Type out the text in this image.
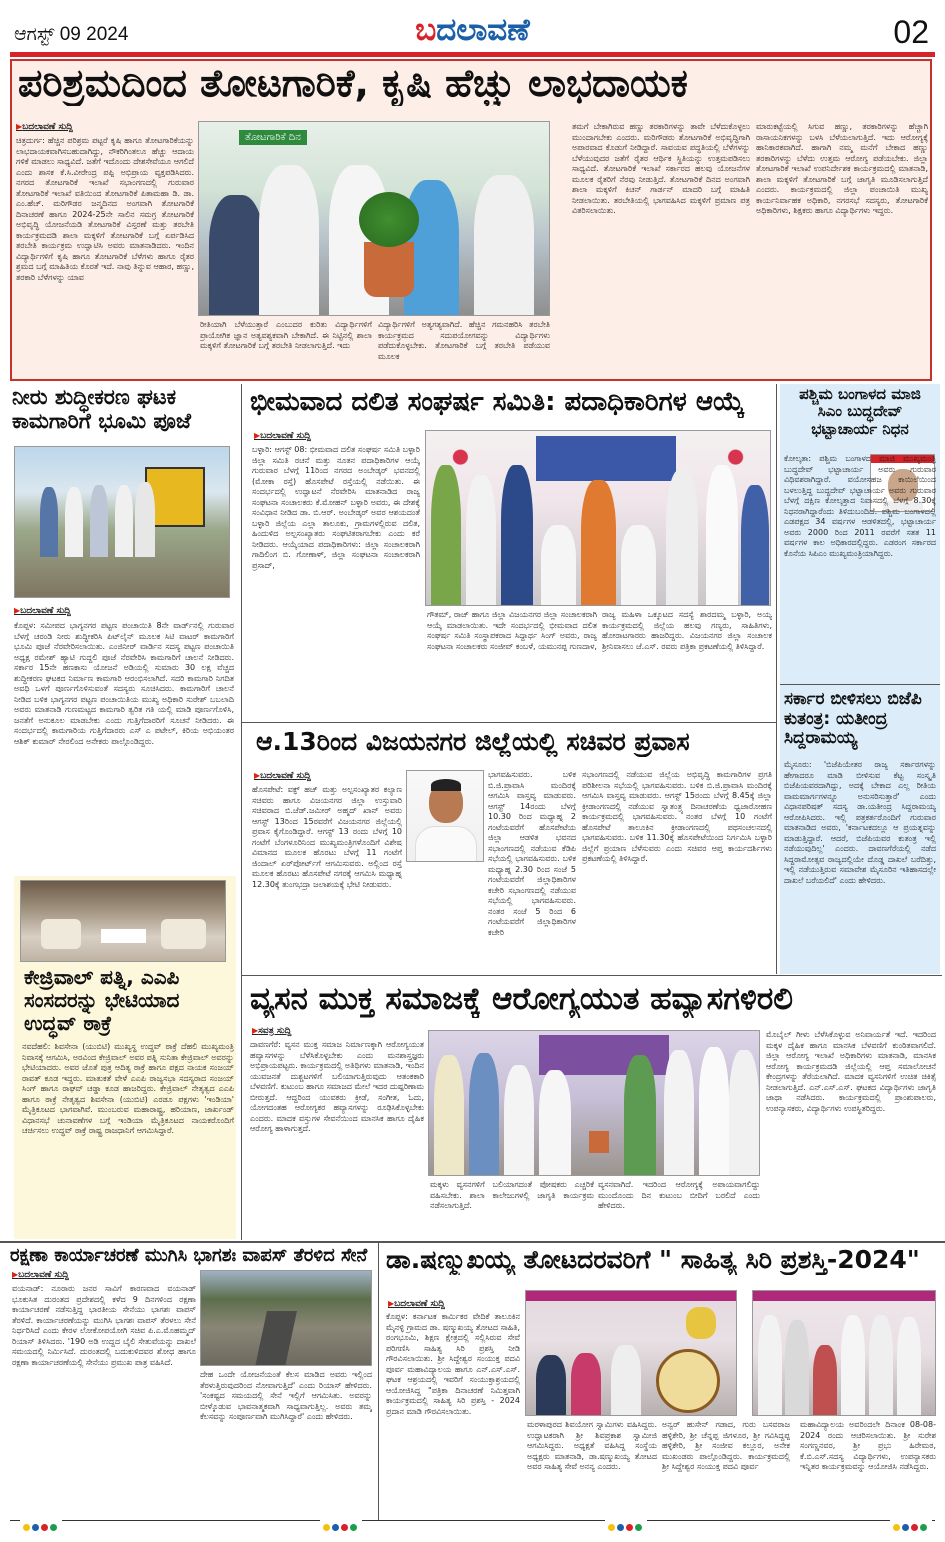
ಆಗಸ್ಟ್ 09 2024	ಬದಲಾವಣೆ	02
ಪರಿಶ್ರಮದಿಂದ ತೋಟಗಾರಿಕೆ, ಕೃಷಿ ಹೆಚ್ಚು ಲಾಭದಾಯಕ
▶ ಬದಲಾವಣೆ ಸುದ್ದಿ
ಚಿತ್ರದುರ್ಗ: ಹೆಚ್ಚಿನ ಪರಿಶ್ರಮ ಪಟ್ಟರೆ ಕೃಷಿ ಹಾಗೂ ತೋಟಗಾರಿಕೆಯನ್ನು ಲಾಭದಾಯಕವಾಗಿಸಬಹುದಾಗಿದ್ದು, ನೌಕರಿಗಿಂತಲೂ ಹೆಚ್ಚು ಆದಾಯ ಗಳಿಕೆ ಮಾಡಲು ಸಾಧ್ಯವಿದೆ. ಜತೆಗೆ ಇದೊಂದು ದೇಶಸೇವೆಯೂ ಆಗಲಿದೆ ಎಂದು ಶಾಸಕ ಕೆ.ಸಿ.ವೀರೇಂದ್ರ ಪಪ್ಪಿ ಅಭಿಪ್ರಾಯ ವ್ಯಕ್ತಪಡಿಸಿದರು. ನಗರದ ತೋಟಗಾರಿಕೆ ಇಲಾಖೆ ಸಭಾಂಗಣದಲ್ಲಿ ಗುರುವಾರ ತೋಟಗಾರಿಕೆ ಇಲಾಖೆ ವತಿಯಿಂದ ತೋಟಗಾರಿಕೆ ಪಿತಾಮಹಾ ಡಿ. ಡಾ. ಎಂ.ಹೆಚ್. ಮರಿಗೌಡರ ಜನ್ಮದಿನದ ಅಂಗವಾಗಿ ತೋಟಗಾರಿಕೆ ದಿನಾಚರಣೆ ಹಾಗೂ 2024-25ನೇ ಸಾಲಿನ ಸಮಗ್ರ ತೋಟಗಾರಿಕೆ ಅಭಿವೃದ್ಧಿ ಯೋಜನೆಯಡಿ ತೋಟಗಾರಿಕೆ ವಿಸ್ತರಣೆ ಮತ್ತು ತರಬೇತಿ ಕಾರ್ಯಕ್ರಮದಡಿ ಶಾಲಾ ಮಕ್ಕಳಿಗೆ ತೋಟಗಾರಿಕೆ ಬಗ್ಗೆ ಏರ್ಪಡಿಸಿದ ತರಬೇತಿ ಕಾರ್ಯಕ್ರಮ ಉದ್ಘಾಟಿಸಿ ಅವರು ಮಾತನಾಡಿದರು. ಇಂದಿನ ವಿದ್ಯಾರ್ಥಿಗಳಿಗೆ ಕೃಷಿ ಹಾಗೂ ತೋಟಗಾರಿಕೆ ಬೆಳೆಗಳು ಹಾಗೂ ರೈತರ ಶ್ರಮದ ಬಗ್ಗೆ ಮಾಹಿತಿಯ ಕೊರತೆ ಇದೆ. ನಾವು ತಿನ್ನುವ ಆಹಾರ, ಹಣ್ಣು, ತರಕಾರಿ ಬೆಳೆಗಳನ್ನು ಯಾವ
ತೋಟಗಾರಿಕೆ ದಿನ
ರೀತಿಯಾಗಿ ಬೆಳೆಯುತ್ತಾರೆ ಎಂಬುದರ ಕುರಿತು ವಿದ್ಯಾರ್ಥಿಗಳಿಗೆ ಪ್ರಾಯೋಗಿಕ ಜ್ಞಾನ ಅತ್ಯವಶ್ಯಕವಾಗಿ ಬೇಕಾಗಿದೆ. ಈ ನಿಟ್ಟಿನಲ್ಲಿ ಶಾಲಾ ಮಕ್ಕಳಿಗೆ ತೋಟಗಾರಿಕೆ ಬಗ್ಗೆ ತರಬೇತಿ ನೀಡಲಾಗುತ್ತಿದೆ. ಇದು
ವಿದ್ಯಾರ್ಥಿಗಳಿಗೆ ಅತ್ಯಗತ್ಯವಾಗಿದೆ. ಹೆಚ್ಚಿನ ಗಮನಹರಿಸಿ ತರಬೇತಿ ಕಾರ್ಯಕ್ರಮದ ಸದುಪಯೋಗವನ್ನು ವಿದ್ಯಾರ್ಥಿಗಳು ಪಡೆದುಕೊಳ್ಳಬೇಕು. ತೋಟಗಾರಿಕೆ ಬಗ್ಗೆ ತರಬೇತಿ ಪಡೆಯುವ ಮೂಲಕ
ತಮಗೆ ಬೇಕಾಗಿರುವ ಹಣ್ಣು ತರಕಾರಿಗಳನ್ನು ತಾವೇ ಬೆಳೆದುಕೊಳ್ಳಲು ಮುಂದಾಗಬೇಕು ಎಂದರು. ಮರಿಗೌಡರು ತೋಟಗಾರಿಕೆ ಅಭಿವೃದ್ಧಿಗಾಗಿ ಅಪಾರವಾದ ಕೊಡುಗೆ ನೀಡಿದ್ದಾರೆ. ಸಾವಯವ ಪದ್ಧತಿಯಲ್ಲಿ ಬೆಳೆಗಳನ್ನು ಬೆಳೆಯುವುದರ ಜತೆಗೆ ರೈತರ ಆರ್ಥಿಕ ಸ್ಥಿತಿಯನ್ನು ಉತ್ತಮಪಡಿಸಲು ಸಾಧ್ಯವಿದೆ. ತೋಟಗಾರಿಕೆ ಇಲಾಖೆ ಸರ್ಕಾರದ ಹಲವು ಯೋಜನೆಗಳ ಮೂಲಕ ರೈತರಿಗೆ ನೆರವು ನೀಡುತ್ತಿದೆ. ತೋಟಗಾರಿಕೆ ದಿನದ ಅಂಗವಾಗಿ ಶಾಲಾ ಮಕ್ಕಳಿಗೆ ಕಿಚನ್ ಗಾರ್ಡನ್ ಮಾದರಿ ಬಗ್ಗೆ ಮಾಹಿತಿ ನೀಡಲಾಯಿತು. ತರಬೇತಿಯಲ್ಲಿ ಭಾಗವಹಿಸಿದ ಮಕ್ಕಳಿಗೆ ಪ್ರಮಾಣ ಪತ್ರ ವಿತರಿಸಲಾಯಿತು.
ಮಾರುಕಟ್ಟೆಯಲ್ಲಿ ಸಿಗುವ ಹಣ್ಣು, ತರಕಾರಿಗಳನ್ನು ಹೆಚ್ಚಾಗಿ ರಾಸಾಯನಿಕಗಳನ್ನು ಬಳಸಿ ಬೆಳೆಯಲಾಗುತ್ತಿದೆ. ಇದು ಆರೋಗ್ಯಕ್ಕೆ ಹಾನಿಕಾರಕವಾಗಿದೆ. ಹಾಗಾಗಿ ನಮ್ಮ ಮನೆಗೆ ಬೇಕಾದ ಹಣ್ಣು ತರಕಾರಿಗಳನ್ನು ಬೆಳೆದು ಉತ್ತಮ ಆರೋಗ್ಯ ಪಡೆಯಬೇಕು. ಜಿಲ್ಲಾ ತೋಟಗಾರಿಕೆ ಇಲಾಖೆ ಉಪನಿರ್ದೇಶಕ ಕಾರ್ಯಕ್ರಮದಲ್ಲಿ ಮಾತನಾಡಿ, ಶಾಲಾ ಮಕ್ಕಳಿಗೆ ತೋಟಗಾರಿಕೆ ಬಗ್ಗೆ ಜಾಗೃತಿ ಮೂಡಿಸಲಾಗುತ್ತಿದೆ ಎಂದರು. ಕಾರ್ಯಕ್ರಮದಲ್ಲಿ ಜಿಲ್ಲಾ ಪಂಚಾಯಿತಿ ಮುಖ್ಯ ಕಾರ್ಯನಿರ್ವಾಹಕ ಅಧಿಕಾರಿ, ನಗರಸಭೆ ಸದಸ್ಯರು, ತೋಟಗಾರಿಕೆ ಅಧಿಕಾರಿಗಳು, ಶಿಕ್ಷಕರು ಹಾಗೂ ವಿದ್ಯಾರ್ಥಿಗಳು ಇದ್ದರು.
ನೀರು ಶುದ್ಧೀಕರಣ ಘಟಕ ಕಾಮಗಾರಿಗೆ ಭೂಮಿ ಪೂಜೆ
▶ ಬದಲಾವಣೆ ಸುದ್ದಿ
ಕೊಪ್ಪಳ: ಸಮೀಪದ ಭಾಗ್ಯನಗರ ಪಟ್ಟಣ ಪಂಚಾಯಿತಿ 8ನೇ ವಾರ್ಡ್‌ನಲ್ಲಿ ಗುರುವಾರ ಬೆಳಗ್ಗೆ ಚರಂಡಿ ನೀರು ಶುದ್ಧೀಕರಿಸಿ ಪಿಟ್‌ಲೈನ್ ಮೂಲಕ ಸಿಟಿ ವಾಟರ್ ಕಾಮಗಾರಿಗೆ ಭೂಮಿ ಪೂಜೆ ನೆರವೇರಿಸಲಾಯಿತು. ಎಂಜಿನೀರ್ ವಾರ್ಡಿನ ಸದಸ್ಯ ಪಟ್ಟಣ ಪಂಚಾಯಿತಿ ಅಧ್ಯಕ್ಷ ರಮೇಶ್ ಹ್ಯಾಟಿ ಗುದ್ದಲಿ ಪೂಜೆ ನೆರವೇರಿಸಿ ಕಾಮಗಾರಿಗೆ ಚಾಲನೆ ನೀಡಿದರು. ಸರ್ಕಾರ 15ನೇ ಹಣಕಾಸು ಯೋಜನೆ ಅಡಿಯಲ್ಲಿ ಸುಮಾರು 30 ಲಕ್ಷ ವೆಚ್ಚದ ಶುದ್ಧೀಕರಣ ಘಟಕದ ನಿರ್ಮಾಣ ಕಾಮಗಾರಿ ಆರಂಭಿಸಲಾಗಿದೆ. ಸದರಿ ಕಾಮಗಾರಿ ನಿಗದಿತ ಅವಧಿ ಒಳಗೆ ಪೂರ್ಣಗೊಳಿಸುವಂತೆ ಸದಸ್ಯರು ಸೂಚಿಸಿದರು. ಕಾಮಗಾರಿಗೆ ಚಾಲನೆ ನೀಡಿದ ಬಳಿಕ ಭಾಗ್ಯನಗರ ಪಟ್ಟಣ ಪಂಚಾಯಿತಿಯ ಮುಖ್ಯ ಅಧಿಕಾರಿ ಸುರೇಶ್ ಬಬಲಾದಿ ಅವರು ಮಾತನಾಡಿ ಗುಣಮಟ್ಟದ ಕಾಮಗಾರಿ ತ್ವರಿತ ಗತಿ ಯಲ್ಲಿ ಮಾಡಿ ಪೂರ್ಣಗೊಳಿಸಿ, ಜನತೆಗೆ ಅನುಕೂಲ ಮಾಡಬೇಕು ಎಂದು ಗುತ್ತಿಗೆದಾರರಿಗೆ ಸೂಚನೆ ನೀಡಿದರು. ಈ ಸಂದರ್ಭದಲ್ಲಿ ಕಾಮಗಾರಿಯ ಗುತ್ತಿಗೆದಾರರು ಎಸ್ ಎ ಪಟೇಲ್, ಕಿರಿಯ ಅಭಿಯಂತರ ಆಶಿಕ್ ಕುಮಾರ್ ನೇರಲಿಂದ ಅನೇಕರು ಪಾಲ್ಗೊಂಡಿದ್ದರು.
ಕೇಜ್ರಿವಾಲ್ ಪತ್ನಿ, ಎಎಪಿ ಸಂಸದರನ್ನು ಭೇಟಿಯಾದ ಉದ್ಧವ್ ಠಾಕ್ರೆ
ನವದೆಹಲಿ: ಶಿವಸೇನಾ (ಯುಬಿಟಿ) ಮುಖ್ಯಸ್ಥ ಉದ್ಧವ್ ಠಾಕ್ರೆ ದೆಹಲಿ ಮುಖ್ಯಮಂತ್ರಿ ನಿವಾಸಕ್ಕೆ ಆಗಮಿಸಿ, ಅರವಿಂದ ಕೇಜ್ರಿವಾಲ್ ಅವರ ಪತ್ನಿ ಸುನಿತಾ ಕೇಜ್ರಿವಾಲ್ ಅವರನ್ನು ಭೇಟಿಯಾದರು. ಅವರ ಜೊತೆ ಪುತ್ರ ಆದಿತ್ಯ ಠಾಕ್ರೆ ಹಾಗೂ ಪಕ್ಷದ ನಾಯಕ ಸಂಜಯ್ ರಾವತ್ ಕೂಡ ಇದ್ದರು. ಮಾತುಕತೆ ವೇಳೆ ಎಎಪಿ ರಾಜ್ಯಸಭಾ ಸದಸ್ಯರಾದ ಸಂಜಯ್ ಸಿಂಗ್ ಹಾಗೂ ರಾಘವ್ ಚಡ್ಡಾ ಕೂಡ ಹಾಜರಿದ್ದರು. ಕೇಜ್ರಿವಾಲ್ ನೇತೃತ್ವದ ಎಎಪಿ ಹಾಗೂ ಠಾಕ್ರೆ ನೇತೃತ್ವದ ಶಿವಸೇನಾ (ಯುಬಿಟಿ) ಎರಡೂ ಪಕ್ಷಗಳು 'ಇಂಡಿಯಾ' ಮೈತ್ರಿಕೂಟದ ಭಾಗವಾಗಿವೆ. ಮುಂಬರುವ ಮಹಾರಾಷ್ಟ್ರ, ಹರಿಯಾಣ, ಜಾರ್ಖಂಡ್ ವಿಧಾನಸಭೆ ಚುನಾವಣೆಗಳ ಬಗ್ಗೆ ಇಂಡಿಯಾ ಮೈತ್ರಿಕೂಟದ ನಾಯಕರೊಂದಿಗೆ ಚರ್ಚಿಸಲು ಉದ್ಧವ್ ಠಾಕ್ರೆ ರಾಷ್ಟ್ರ ರಾಜಧಾನಿಗೆ ಆಗಮಿಸಿದ್ದಾರೆ.
ಭೀಮವಾದ ದಲಿತ ಸಂಘರ್ಷ ಸಮಿತಿ: ಪದಾಧಿಕಾರಿಗಳ ಆಯ್ಕೆ
▶ ಬದಲಾವಣೆ ಸುದ್ದಿ
ಬಳ್ಳಾರಿ: ಆಗಸ್ಟ್ 08: ಭೀಮವಾದ ದಲಿತ ಸಂಘರ್ಷ ಸಮಿತಿ ಬಳ್ಳಾರಿ ಜಿಲ್ಲಾ ಸಮಿತಿ ರಚನೆ ಮತ್ತು ನೂತನ ಪದಾಧಿಕಾರಿಗಳ ಆಯ್ಕೆ ಗುರುವಾರ ಬೆಳಗ್ಗೆ 11ರಿಂದ ನಗರದ ಅಂಬೇಡ್ಕರ್ ಭವನದಲ್ಲಿ (ಮೋಕಾ ರಸ್ತೆ) ಹೊಸಪೇಟೆ ರಸ್ತೆಯಲ್ಲಿ ನಡೆಯಿತು. ಈ ಸಂದರ್ಭದಲ್ಲಿ ಉದ್ಘಾಟನೆ ನೆರವೇರಿಸಿ ಮಾತನಾಡಿದ ರಾಜ್ಯ ಸಂಘಟನಾ ಸಂಚಾಲಕರು ಕೆ.ಮೋಹನ್ ಬಳ್ಳಾರಿ ಅವರು, ಈ ದೇಶಕ್ಕೆ ಸಂವಿಧಾನ ನೀಡಿದ ಡಾ. ಬಿ.ಆರ್. ಅಂಬೇಡ್ಕರ್ ಅವರ ಆಶಯದಂತೆ ಬಳ್ಳಾರಿ ಜಿಲ್ಲೆಯ ಎಲ್ಲಾ ತಾಲೂಕು, ಗ್ರಾಮಗಳಲ್ಲಿರುವ ದಲಿತ, ಹಿಂದುಳಿದ ಅಲ್ಪಸಂಖ್ಯಾತರು ಸಂಘಟಿತರಾಗಬೇಕು ಎಂದು ಕರೆ ನೀಡಿದರು. ಆಯ್ಕೆಯಾದ ಪದಾಧಿಕಾರಿಗಳು: ಜಿಲ್ಲಾ ಸಂಚಾಲಕರಾಗಿ ಗಾದಿಲಿಂಗ ಬಿ. ಗೋಣಾಳ್, ಜಿಲ್ಲಾ ಸಂಘಟನಾ ಸಂಚಾಲಕರಾಗಿ ಪ್ರಸಾದ್,
ಗೌತಮ್, ರಾಜ್ ಹಾಗೂ ಜಿಲ್ಲಾ ವಿಜಯನಗರ ಜಿಲ್ಲಾ ಸಂಚಾಲಕರಾಗಿ ಆಯ್ಕೆ ಮಾಡಲಾಯಿತು. ಇದೇ ಸಂದರ್ಭದಲ್ಲಿ ಭೀಮವಾದ ದಲಿತ ಸಂಘರ್ಷ ಸಮಿತಿ ಸಂಸ್ಥಾಪಕರಾದ ಸಿದ್ದಾರ್ಥ ಸಿಂಗ್ ಅವರು, ರಾಜ್ಯ ಸಂಘಟನಾ ಸಂಚಾಲಕರು ಸಂಜೀವ್ ಕಂಬಳೆ, ಯಮುನಪ್ಪ ಗುಣದಾಳ,
ರಾಜ್ಯ ಮಹಿಳಾ ಒಕ್ಕೂಟದ ಸದಸ್ಯೆ ಶಾರದಮ್ಮ ಬಳ್ಳಾರಿ, ಅಯ್ಯ ಕಾರ್ಯಕ್ರಮದಲ್ಲಿ ಜಿಲ್ಲೆಯ ಹಲವು ಗಣ್ಯರು, ಸಾಹಿತಿಗಳು, ಹೋರಾಟಗಾರರು ಹಾಜರಿದ್ದರು. ವಿಜಯನಗರ ಜಿಲ್ಲಾ ಸಂಚಾಲಕ ಶ್ರೀನಿವಾಸಲು ಜೆ.ಎಸ್. ರವರು ಪತ್ರಿಕಾ ಪ್ರಕಟಣೆಯಲ್ಲಿ ತಿಳಿಸಿದ್ದಾರೆ.
ಆ.13ರಿಂದ ವಿಜಯನಗರ ಜಿಲ್ಲೆಯಲ್ಲಿ ಸಚಿವರ ಪ್ರವಾಸ
▶ ಬದಲಾವಣೆ ಸುದ್ದಿ
ಹೊಸಪೇಟೆ: ವಕ್ಫ್ ಹಜ್ ಮತ್ತು ಅಲ್ಪಸಂಖ್ಯಾತರ ಕಲ್ಯಾಣ ಸಚಿವರು ಹಾಗೂ ವಿಜಯನಗರ ಜಿಲ್ಲಾ ಉಸ್ತುವಾರಿ ಸಚಿವರಾದ ಬಿ.ಜೆಡ್.ಜಮೀರ್ ಅಹ್ಮದ್ ಖಾನ್ ಅವರು ಆಗಸ್ಟ್ 13ರಿಂದ 15ರವರೆಗೆ ವಿಜಯನಗರ ಜಿಲ್ಲೆಯಲ್ಲಿ ಪ್ರವಾಸ ಕೈಗೊಂಡಿದ್ದಾರೆ. ಆಗಸ್ಟ್ 13 ರಂದು ಬೆಳಗ್ಗೆ 10 ಗಂಟೆಗೆ ಬೆಂಗಳೂರಿನಿಂದ ಮುಖ್ಯಮಂತ್ರಿಗಳೊಂದಿಗೆ ವಿಶೇಷ ವಿಮಾನದ ಮೂಲಕ ಹೊರಟು ಬೆಳಗ್ಗೆ 11 ಗಂಟೆಗೆ ಜಿಂದಾಲ್ ಏರ್‌ಪೋರ್ಟ್‌ಗೆ ಆಗಮಿಸುವರು. ಅಲ್ಲಿಂದ ರಸ್ತೆ ಮೂಲಕ ಹೊರಟು ಹೊಸಪೇಟೆ ನಗರಕ್ಕೆ ಆಗಮಿಸಿ ಮಧ್ಯಾಹ್ನ 12.30ಕ್ಕೆ ತುಂಗಭದ್ರಾ ಜಲಾಶಯಕ್ಕೆ ಭೇಟಿ ನೀಡುವರು.
ಭಾಗವಹಿಸುವರು. ಬಳಿಕ ಬಿ.ಜಿ.ಪ್ರಾವಾಸಿ ಮಂದಿರಕ್ಕೆ ಆಗಮಿಸಿ ವಾಸ್ತವ್ಯ ಮಾಡುವರು. ಆಗಸ್ಟ್ 14ರಂದು ಬೆಳಗ್ಗೆ 10.30 ರಿಂದ ಮಧ್ಯಾಹ್ನ 2 ಗಂಟೆಯವರೆಗೆ ಹೊಸಪೇಟೆಯ ಜಿಲ್ಲಾ ಆಡಳಿತ ಭವನದ ಸಭಾಂಗಣದಲ್ಲಿ ನಡೆಯುವ ಕೆಡಿಪಿ ಸಭೆಯಲ್ಲಿ ಭಾಗವಹಿಸುವರು. ಬಳಿಕ ಮಧ್ಯಾಹ್ನ 2.30 ರಿಂದ ಸಂಜೆ 5 ಗಂಟೆಯವರೆಗೆ ಜಿಲ್ಲಾಧಿಕಾರಿಗಳ ಕಚೇರಿ ಸಭಾಂಗಣದಲ್ಲಿ ನಡೆಯುವ ಸಭೆಯಲ್ಲಿ ಭಾಗವಹಿಸುವರು. ನಂತರ ಸಂಜೆ 5 ರಿಂದ 6 ಗಂಟೆಯವರೆಗೆ ಜಿಲ್ಲಾಧಿಕಾರಿಗಳ ಕಚೇರಿ
ಸಭಾಂಗಣದಲ್ಲಿ ನಡೆಯುವ ಜಿಲ್ಲೆಯ ಅಭಿವೃದ್ಧಿ ಕಾಮಗಾರಿಗಳ ಪ್ರಗತಿ ಪರಿಶೀಲನಾ ಸಭೆಯಲ್ಲಿ ಭಾಗವಹಿಸುವರು. ಬಳಿಕ ಬಿ.ಜಿ.ಪ್ರಾವಾಸಿ ಮಂದಿರಕ್ಕೆ ಆಗಮಿಸಿ ವಾಸ್ತವ್ಯ ಮಾಡುವರು. ಆಗಸ್ಟ್ 15ರಂದು ಬೆಳಗ್ಗೆ 8.45ಕ್ಕೆ ಜಿಲ್ಲಾ ಕ್ರೀಡಾಂಗಣದಲ್ಲಿ ನಡೆಯುವ ಸ್ವಾತಂತ್ರ್ಯ ದಿನಾಚರಣೆಯ ಧ್ವಜಾರೋಹಣ ಕಾರ್ಯಕ್ರಮದಲ್ಲಿ ಭಾಗವಹಿಸುವರು. ನಂತರ ಬೆಳಗ್ಗೆ 10 ಗಂಟೆಗೆ ಹೊಸಪೇಟೆ ತಾಲೂಕಿನ ಕ್ರೀಡಾಂಗಣದಲ್ಲಿ ಪಥಸಂಚಲನದಲ್ಲಿ ಭಾಗವಹಿಸುವರು. ಬಳಿಕ 11.30ಕ್ಕೆ ಹೊಸಪೇಟೆಯಿಂದ ನಿರ್ಗಮಿಸಿ ಬಳ್ಳಾರಿ ಜಿಲ್ಲೆಗೆ ಪ್ರಯಾಣ ಬೆಳೆಸುವರು ಎಂದು ಸಚಿವರ ಆಪ್ತ ಕಾರ್ಯದರ್ಶಿಗಳು ಪ್ರಕಟಣೆಯಲ್ಲಿ ತಿಳಿಸಿದ್ದಾರೆ.
ಪಶ್ಚಿಮ ಬಂಗಾಳದ ಮಾಜಿ ಸಿಎಂ ಬುದ್ಧದೇವ್ ಭಟ್ಟಾಚಾರ್ಯ ನಿಧನ
ಕೋಲ್ಕತಾ: ಪಶ್ಚಿಮ ಬಂಗಾಳದ ಮಾಜಿ ಮುಖ್ಯಮಂತ್ರಿ ಬುದ್ಧದೇವ್ ಭಟ್ಟಾಚಾರ್ಯ ಅವರು ಗುರುವಾರ ವಿಧಿವಶರಾಗಿದ್ದಾರೆ. ವಯೋಸಹಜ ಕಾಯಿಲೆಯಿಂದ ಬಳಲುತ್ತಿದ್ದ ಬುದ್ಧದೇವ್ ಭಟ್ಟಾಚಾರ್ಯ ಅವರು ಗುರುವಾರ ಬೆಳಗ್ಗೆ ದಕ್ಷಿಣ ಕೋಲ್ಕತ್ತಾದ ನಿವಾಸದಲ್ಲಿ ಬೆಳಗ್ಗೆ 8.30ಕ್ಕೆ ನಿಧನರಾಗಿದ್ದಾರೆಂದು ತಿಳಿದುಬಂದಿದೆ. ಪಶ್ಚಿಮ ಬಂಗಾಳದಲ್ಲಿ ಎಡಪಕ್ಷದ 34 ವರ್ಷಗಳ ಆಡಳಿತದಲ್ಲಿ, ಭಟ್ಟಾಚಾರ್ಯ ಅವರು 2000 ರಿಂದ 2011 ರವರೆಗೆ ಸತತ 11 ವರ್ಷಗಳ ಕಾಲ ಅಧಿಕಾರದಲ್ಲಿದ್ದರು. ಎಡರಂಗ ಸರ್ಕಾರದ ಕೊನೆಯ ಸಿಪಿಎಂ ಮುಖ್ಯಮಂತ್ರಿಯಾಗಿದ್ದರು.
ಸರ್ಕಾರ ಬೀಳಿಸಲು ಬಿಜೆಪಿ ಕುತಂತ್ರ: ಯತೀಂದ್ರ ಸಿದ್ದರಾಮಯ್ಯ
ಮೈಸೂರು: 'ಬಿಜೆಪಿಯೇತರ ರಾಜ್ಯ ಸರ್ಕಾರಗಳನ್ನು ಹೇಗಾದರೂ ಮಾಡಿ ಬೀಳಿಸುವ ಕೆಟ್ಟ ಸಂಸ್ಕೃತಿ ಬಿಜೆಪಿಯವರದಾಗಿದ್ದು, ಅದಕ್ಕೆ ಬೇಕಾದ ಎಲ್ಲ ರೀತಿಯ ವಾಮಮಾರ್ಗಗಳನ್ನೂ ಅನುಸರಿಸುತ್ತಾರೆ' ಎಂದು ವಿಧಾನಪರಿಷತ್ ಸದಸ್ಯ ಡಾ.ಯತೀಂದ್ರ ಸಿದ್ದರಾಮಯ್ಯ ಆರೋಪಿಸಿದರು. ಇಲ್ಲಿ ಪತ್ರಕರ್ತರೊಂದಿಗೆ ಗುರುವಾರ ಮಾತನಾಡಿದ ಅವರು, 'ಕರ್ನಾಟಕದಲ್ಲೂ ಆ ಪ್ರಯತ್ನವನ್ನು ಮಾಡುತ್ತಿದ್ದಾರೆ. ಆದರೆ, ಬಿಜೆಪಿಯವರ ಕುತಂತ್ರ ಇಲ್ಲಿ ನಡೆಯುವುದಿಲ್ಲ' ಎಂದರು. ದಾವಣಗೆರೆಯಲ್ಲಿ ನಡೆದ ಸಿದ್ದರಾಮೋತ್ಸವ ರಾಜ್ಯದಲ್ಲಿಯೇ ದೊಡ್ಡ ದಾಖಲೆ ಬರೆದಿತ್ತು, ಇಲ್ಲಿ ನಡೆಯುತ್ತಿರುವ ಸಮಾವೇಶ ಮೈಸೂರಿನ ಇತಿಹಾಸದಲ್ಲೇ ದಾಖಲೆ ಬರೆಯಲಿದೆ' ಎಂದು ಹೇಳಿದರು.
ವ್ಯಸನ ಮುಕ್ತ ಸಮಾಜಕ್ಕೆ ಆರೋಗ್ಯಯುತ ಹವ್ಯಾಸಗಳಿರಲಿ
▶ ಸವತ್ರ ಸುದ್ದಿ
ದಾವಣಗೆರೆ: ವ್ಯಸನ ಮುಕ್ತ ಸಮಾಜ ನಿರ್ಮಾಣಕ್ಕಾಗಿ ಆರೋಗ್ಯಯುತ ಹವ್ಯಾಸಗಳನ್ನು ಬೆಳೆಸಿಕೊಳ್ಳಬೇಕು ಎಂದು ಮನಶಾಸ್ತ್ರಜ್ಞರು ಅಭಿಪ್ರಾಯಪಟ್ಟರು. ಕಾರ್ಯಕ್ರಮದಲ್ಲಿ ಅತಿಥಿಗಳು ಮಾತನಾಡಿ, ಇಂದಿನ ಯುವಜನತೆ ದುಶ್ಚಟಗಳಿಗೆ ಬಲಿಯಾಗುತ್ತಿರುವುದು ಆತಂಕಕಾರಿ ಬೆಳವಣಿಗೆ. ಕುಟುಂಬ ಹಾಗೂ ಸಮಾಜದ ಮೇಲೆ ಇದರ ದುಷ್ಪರಿಣಾಮ ಬೀರುತ್ತದೆ. ಆದ್ದರಿಂದ ಯುವಕರು ಕ್ರೀಡೆ, ಸಂಗೀತ, ಓದು, ಯೋಗದಂತಹ ಆರೋಗ್ಯಕರ ಹವ್ಯಾಸಗಳನ್ನು ರೂಢಿಸಿಕೊಳ್ಳಬೇಕು ಎಂದರು. ಮಾದಕ ವಸ್ತುಗಳ ಸೇವನೆಯಿಂದ ಮಾನಸಿಕ ಹಾಗೂ ದೈಹಿಕ ಆರೋಗ್ಯ ಹಾಳಾಗುತ್ತದೆ.
ಮಕ್ಕಳು ವ್ಯಸನಗಳಿಗೆ ಬಲಿಯಾಗದಂತೆ ಪೋಷಕರು ಎಚ್ಚರಿಕೆ ವಹಿಸಬೇಕು. ಶಾಲಾ ಕಾಲೇಜುಗಳಲ್ಲಿ ಜಾಗೃತಿ ಕಾರ್ಯಕ್ರಮ ನಡೆಸಲಾಗುತ್ತಿದೆ.
ವ್ಯಸನವಾಗಿದೆ. ಇದರಿಂದ ಆರೋಗ್ಯಕ್ಕೆ ಅಪಾಯವಾಗಲಿದ್ದು ಮುಂದೊಂದು ದಿನ ಕುಟುಂಬ ಬೀದಿಗೆ ಬರಲಿದೆ ಎಂದು ಹೇಳಿದರು.
ಮೊಬೈಲ್ ಗೀಳು ಬೆಳೆಸಿಕೊಳ್ಳುವ ಅನಿವಾರ್ಯತೆ ಇದೆ. ಇದರಿಂದ ಮಕ್ಕಳ ದೈಹಿಕ ಹಾಗೂ ಮಾನಸಿಕ ಬೆಳವಣಿಗೆ ಕುಂಠಿತವಾಗಲಿದೆ. ಜಿಲ್ಲಾ ಆರೋಗ್ಯ ಇಲಾಖೆ ಅಧಿಕಾರಿಗಳು ಮಾತನಾಡಿ, ಮಾನಸಿಕ ಆರೋಗ್ಯ ಕಾರ್ಯಕ್ರಮದಡಿ ಜಿಲ್ಲೆಯಲ್ಲಿ ಆಪ್ತ ಸಮಾಲೋಚನೆ ಕೇಂದ್ರಗಳನ್ನು ತೆರೆಯಲಾಗಿದೆ. ಮಾದಕ ವ್ಯಸನಿಗಳಿಗೆ ಉಚಿತ ಚಿಕಿತ್ಸೆ ನೀಡಲಾಗುತ್ತಿದೆ. ಎನ್.ಎಸ್.ಎಸ್. ಘಟಕದ ವಿದ್ಯಾರ್ಥಿಗಳು ಜಾಗೃತಿ ಜಾಥಾ ನಡೆಸಿದರು. ಕಾರ್ಯಕ್ರಮದಲ್ಲಿ ಪ್ರಾಂಶುಪಾಲರು, ಉಪನ್ಯಾಸಕರು, ವಿದ್ಯಾರ್ಥಿಗಳು ಉಪಸ್ಥಿತರಿದ್ದರು.
ರಕ್ಷಣಾ ಕಾರ್ಯಾಚರಣೆ ಮುಗಿಸಿ ಭಾಗಶಃ ವಾಪಸ್ ತೆರಳಿದ ಸೇನೆ
▶ ಬದಲಾವಣೆ ಸುದ್ದಿ
ವಯನಾಡ್: ನೂರಾರು ಜನರ ಸಾವಿಗೆ ಕಾರಣವಾದ ವಯನಾಡ್ ಭೂಕುಸಿತ ದುರಂತದ ಪ್ರದೇಶದಲ್ಲಿ ಕಳೆದ 9 ದಿನಗಳಿಂದ ರಕ್ಷಣಾ ಕಾರ್ಯಾಚರಣೆ ನಡೆಸುತ್ತಿದ್ದ ಭಾರತೀಯ ಸೇನೆಯು ಭಾಗಶಃ ವಾಪಸ್ ತೆರಳಿದೆ. ಕಾರ್ಯಾಚರಣೆಯನ್ನು ಮುಗಿಸಿ ಭಾಗಶಃ ವಾಪಸ್ ತೆರಳಲು ಸೇನೆ ನಿರ್ಧರಿಸಿದೆ ಎಂದು ಕೇರಳ ಲೋಕೋಪಯೋಗಿ ಸಚಿವ ಪಿ.ಎ.ಮೊಹಮ್ಮದ್ ರಿಯಾಸ್ ತಿಳಿಸಿದರು. '190 ಅಡಿ ಉದ್ದದ ಬೈಲಿ ಸೇತುವೆಯನ್ನು ದಾಖಲೆ ಸಮಯದಲ್ಲಿ ನಿರ್ಮಿಸಿದೆ. ದುರಂತದಲ್ಲಿ ಬದುಕುಳಿದವರ ಶೋಧ ಹಾಗೂ ರಕ್ಷಣಾ ಕಾರ್ಯಾಚರಣೆಯಲ್ಲಿ ಸೇನೆಯು ಪ್ರಮುಖ ಪಾತ್ರ ವಹಿಸಿದೆ.
ದೇಹ ಒಂದೇ ಯೋಜನೆಯಂತೆ ಕೆಲಸ ಮಾಡಿದ ಅವರು ಇಲ್ಲಿಂದ ತೆರಳುತ್ತಿರುವುದರಿಂದ ನೋವಾಗುತ್ತಿದೆ' ಎಂದು ರಿಯಾಸ್ ಹೇಳಿದರು. 'ಸಂಕಷ್ಟದ ಸಮಯದಲ್ಲಿ ಸೇನೆ ಇಲ್ಲಿಗೆ ಆಗಮಿಸಿತು. ಅವರನ್ನು ಬೀಳ್ಕೊಡುವ ಭಾವನಾತ್ಮಕವಾಗಿ ಸಾಧ್ಯವಾಗುತ್ತಿಲ್ಲ. ಅವರು ತಮ್ಮ ಕೆಲಸವನ್ನು ಸಂಪೂರ್ಣವಾಗಿ ಮುಗಿಸಿದ್ದಾರೆ' ಎಂದು ಹೇಳಿದರು.
ಡಾ.ಷಣ್ಮುಖಯ್ಯ ತೋಟದರವರಿಗೆ " ಸಾಹಿತ್ಯ ಸಿರಿ ಪ್ರಶಸ್ತಿ-2024"
▶ ಬದಲಾವಣೆ ಸುದ್ದಿ
ಕೊಪ್ಪಳ: ಕರ್ನಾಟಕ ಕಾರ್ಮಿಕರ ವೇದಿಕೆ ತಾಲೂಕಿನ ಮೈನಳ್ಳಿ ಗ್ರಾಮದ ಡಾ. ಷಣ್ಮುಖಯ್ಯ ತೋಟದ ಸಾಹಿತಿ, ರಂಗಭೂಮಿ, ಶಿಕ್ಷಣ ಕ್ಷೇತ್ರದಲ್ಲಿ ಸಲ್ಲಿಸಿರುವ ಸೇವೆ ಪರಿಗಣಿಸಿ ಸಾಹಿತ್ಯ ಸಿರಿ ಪ್ರಶಸ್ತಿ ನೀಡಿ ಗೌರವಿಸಲಾಯಿತು. ಶ್ರೀ ಸಿದ್ದೇಶ್ವರ ಸಂಯುಕ್ತ ಪದವಿ ಪೂರ್ವ ಮಹಾವಿದ್ಯಾಲಯ ಹಾಗೂ ಎನ್.ಎಸ್.ಎಸ್. ಘಟಕ ಆಶ್ರಯದಲ್ಲಿ ಇವರಿಗೆ ಸಂಯುಕ್ತಾಶ್ರಯದಲ್ಲಿ ಆಯೋಜಿಸಿದ್ದ "ಪತ್ರಿಕಾ ದಿನಾಚರಣೆ ನಿಮಿತ್ತವಾಗಿ ಕಾರ್ಯಕ್ರಮದಲ್ಲಿ ಸಾಹಿತ್ಯ ಸಿರಿ ಪ್ರಶಸ್ತಿ - 2024 ಪ್ರದಾನ ಮಾಡಿ ಗೌರವಿಸಲಾಯಿತು.
ಮರಳಾಪುರದ ಶಿವಯೋಗ ಸ್ವಾಮಿಗಳು ವಹಿಸಿದ್ದರು. ಉದ್ಘಾಟಕರಾಗಿ ಶ್ರೀ ಶಿವಪ್ರಕಾಶ ಸ್ವಾಮೀಜಿ ಆಗಮಿಸಿದ್ದರು. ಅಧ್ಯಕ್ಷತೆ ವಹಿಸಿದ್ದ ಸಂಸ್ಥೆಯ ಅಧ್ಯಕ್ಷರು ಮಾತನಾಡಿ, ಡಾ.ಷಣ್ಮುಖಯ್ಯ ತೋಟದ ಅವರ ಸಾಹಿತ್ಯ ಸೇವೆ ಅನನ್ಯ ಎಂದರು.
ಅನ್ವರ್ ಹುಸೇನ್ ಗಡಾದ, ಗುರು ಬಸವರಾಜ ಹಳ್ಳಿಕೇರಿ, ಶ್ರೀ ಚೆನ್ನಪ್ಪ ಜಿಗಳೂರ, ಶ್ರೀ ಗವಿಸಿದ್ದಪ್ಪ ಹಳ್ಳಿಕೇರಿ, ಶ್ರೀ ಸಂಜೀವ ಕಲ್ಲೂರ, ಅನೇಕ ಮುಖಂಡರು ಪಾಲ್ಗೊಂಡಿದ್ದರು. ಕಾರ್ಯಕ್ರಮದಲ್ಲಿ ಶ್ರೀ ಸಿದ್ದೇಶ್ವರ ಸಂಯುಕ್ತ ಪದವಿ ಪೂರ್ವ
ಮಹಾವಿದ್ಯಾಲಯ ಅವರಿಂದಲೇ ದಿನಾಂಕ 08-08-2024 ರಂದು ಆಚರಿಸಲಾಯಿತು. ಶ್ರೀ ಸುರೇಶ ಸಂಗಣ್ಣನವರ, ಶ್ರೀ ಪ್ರಭು ಹಿರೇಮಠ, ಕೆ.ಬಿ.ಎಸ್.ಸದಸ್ಯ ವಿದ್ಯಾರ್ಥಿಗಳು, ಉಪನ್ಯಾಸಕರು ಇನ್ನಿತರ ಕಾರ್ಯಕ್ರಮವನ್ನು ಆಯೋಜಿಸಿ ನಡೆಸಿದ್ದರು.
